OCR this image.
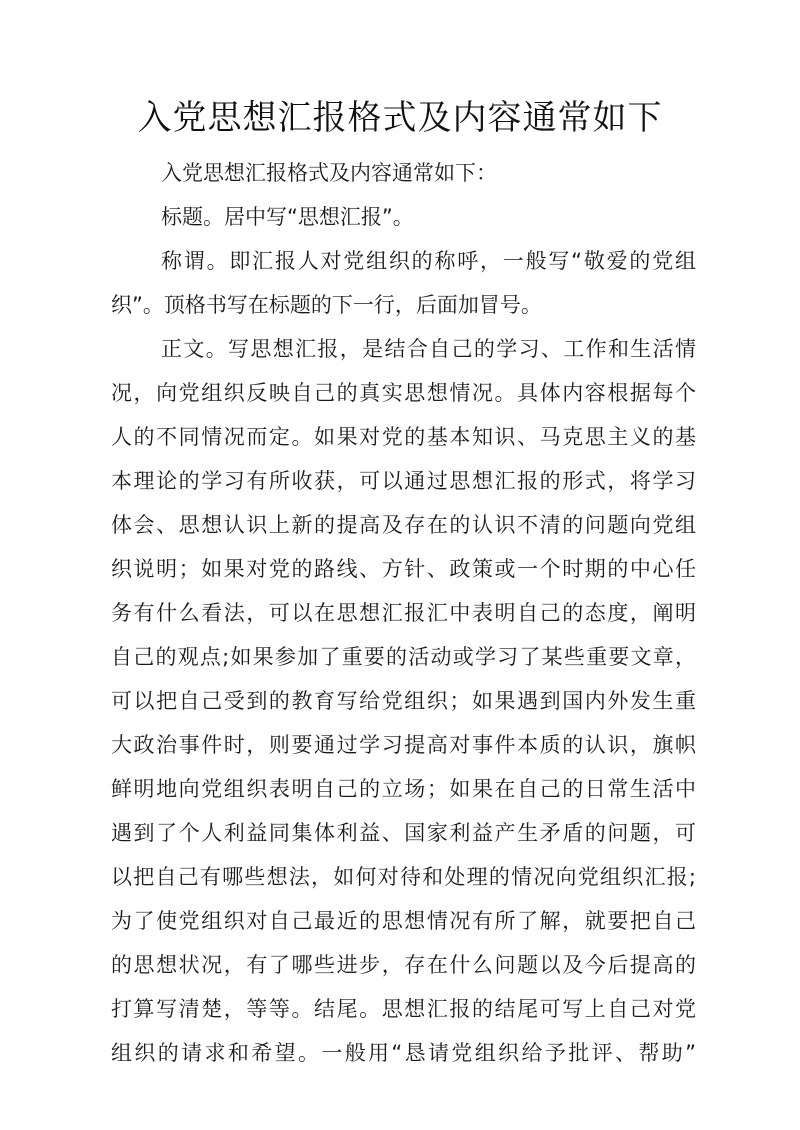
入党思想汇报格式及内容通常如下
入党思想汇报格式及内容通常如下：
标题。居中写“思想汇报”。
称谓。即汇报人对党组织的称呼，一般写“敬爱的党组
织”。顶格书写在标题的下一行，后面加冒号。
正文。写思想汇报，是结合自己的学习、工作和生活情
况，向党组织反映自己的真实思想情况。具体内容根据每个
人的不同情况而定。如果对党的基本知识、马克思主义的基
本理论的学习有所收获，可以通过思想汇报的形式，将学习
体会、思想认识上新的提高及存在的认识不清的问题向党组
织说明；如果对党的路线、方针、政策或一个时期的中心任
务有什么看法，可以在思想汇报汇中表明自己的态度，阐明
自己的观点;如果参加了重要的活动或学习了某些重要文章，
可以把自己受到的教育写给党组织；如果遇到国内外发生重
大政治事件时，则要通过学习提高对事件本质的认识，旗帜
鲜明地向党组织表明自己的立场；如果在自己的日常生活中
遇到了个人利益同集体利益、国家利益产生矛盾的问题，可
以把自己有哪些想法，如何对待和处理的情况向党组织汇报;
为了使党组织对自己最近的思想情况有所了解，就要把自己
的思想状况，有了哪些进步，存在什么问题以及今后提高的
打算写清楚，等等。结尾。思想汇报的结尾可写上自己对党
组织的请求和希望。一般用“恳请党组织给予批评、帮助”
